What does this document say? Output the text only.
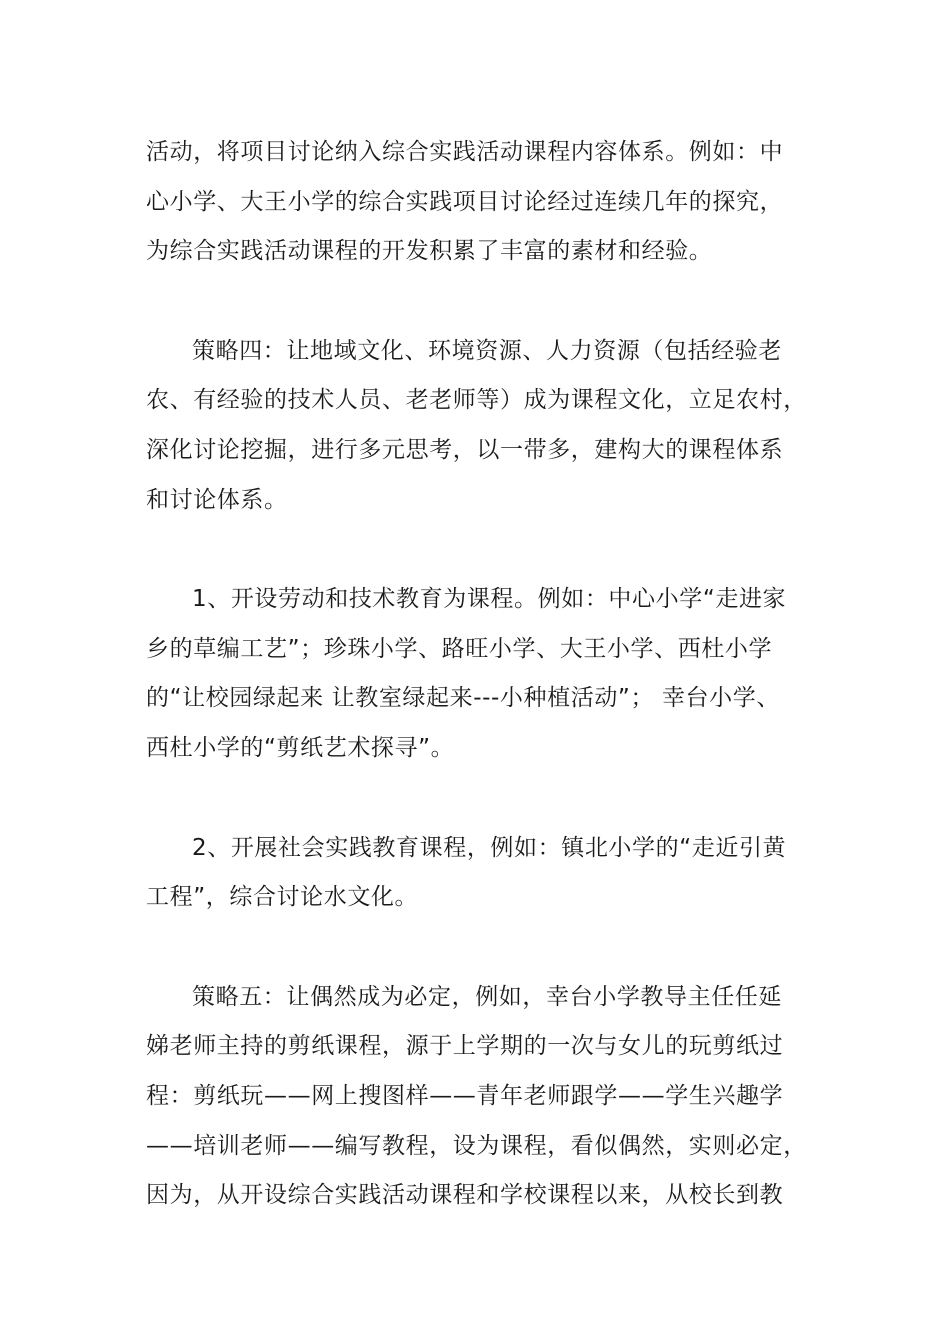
活动，将项目讨论纳入综合实践活动课程内容体系。例如：中

心小学、大王小学的综合实践项目讨论经过连续几年的探究，

为综合实践活动课程的开发积累了丰富的素材和经验。

策略四：让地域文化、环境资源、人力资源（包括经验老

农、有经验的技术人员、老老师等）成为课程文化，立足农村，

深化讨论挖掘，进行多元思考，以一带多，建构大的课程体系

和讨论体系。

1、开设劳动和技术教育为课程。例如：中心小学“走进家

乡的草编工艺”；珍珠小学、路旺小学、大王小学、西杜小学

的“让校园绿起来 让教室绿起来---小种植活动”； 幸台小学、

西杜小学的“剪纸艺术探寻”。

2、开展社会实践教育课程，例如：镇北小学的“走近引黄

工程”，综合讨论水文化。

策略五：让偶然成为必定，例如，幸台小学教导主任任延

娣老师主持的剪纸课程，源于上学期的一次与女儿的玩剪纸过

程：剪纸玩——网上搜图样——青年老师跟学——学生兴趣学

——培训老师——编写教程，设为课程，看似偶然，实则必定，

因为，从开设综合实践活动课程和学校课程以来，从校长到教
